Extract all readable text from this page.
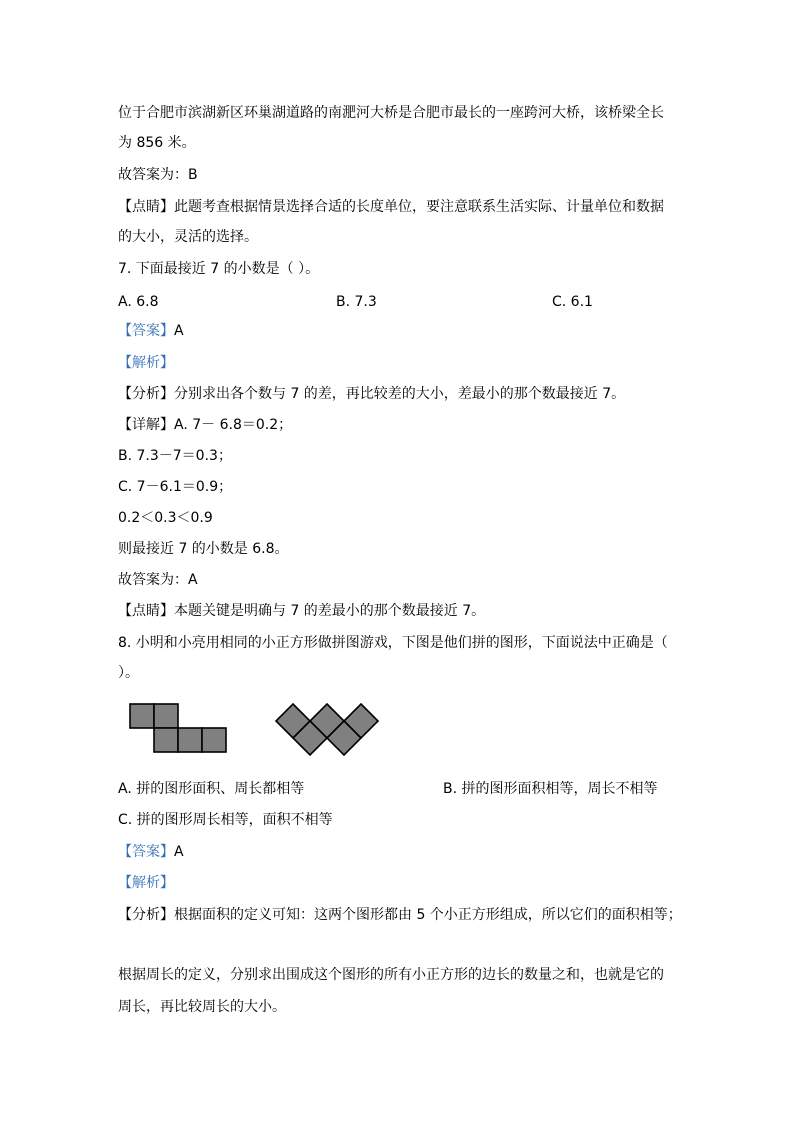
位于合肥市滨湖新区环巢湖道路的南淝河大桥是合肥市最长的一座跨河大桥，该桥梁全长
为 856 米。
故答案为：B
【点睛】此题考查根据情景选择合适的长度单位，要注意联系生活实际、计量单位和数据
的大小，灵活的选择。
7. 下面最接近 7 的小数是（ ）。
A. 6.8	B. 7.3	C. 6.1
【答案】A
【解析】
【分析】分别求出各个数与 7 的差，再比较差的大小，差最小的那个数最接近 7。
【详解】A. 7－ 6.8＝0.2；
B. 7.3－7＝0.3；
C. 7－6.1＝0.9；
0.2＜0.3＜0.9
则最接近 7 的小数是 6.8。
故答案为：A
【点睛】本题关键是明确与 7 的差最小的那个数最接近 7。
8. 小明和小亮用相同的小正方形做拼图游戏，下图是他们拼的图形，下面说法中正确是（
）。
A. 拼的图形面积、周长都相等	B. 拼的图形面积相等，周长不相等
C. 拼的图形周长相等，面积不相等
【答案】A
【解析】
【分析】根据面积的定义可知：这两个图形都由 5 个小正方形组成，所以它们的面积相等；
根据周长的定义，分别求出围成这个图形的所有小正方形的边长的数量之和，也就是它的
周长，再比较周长的大小。
